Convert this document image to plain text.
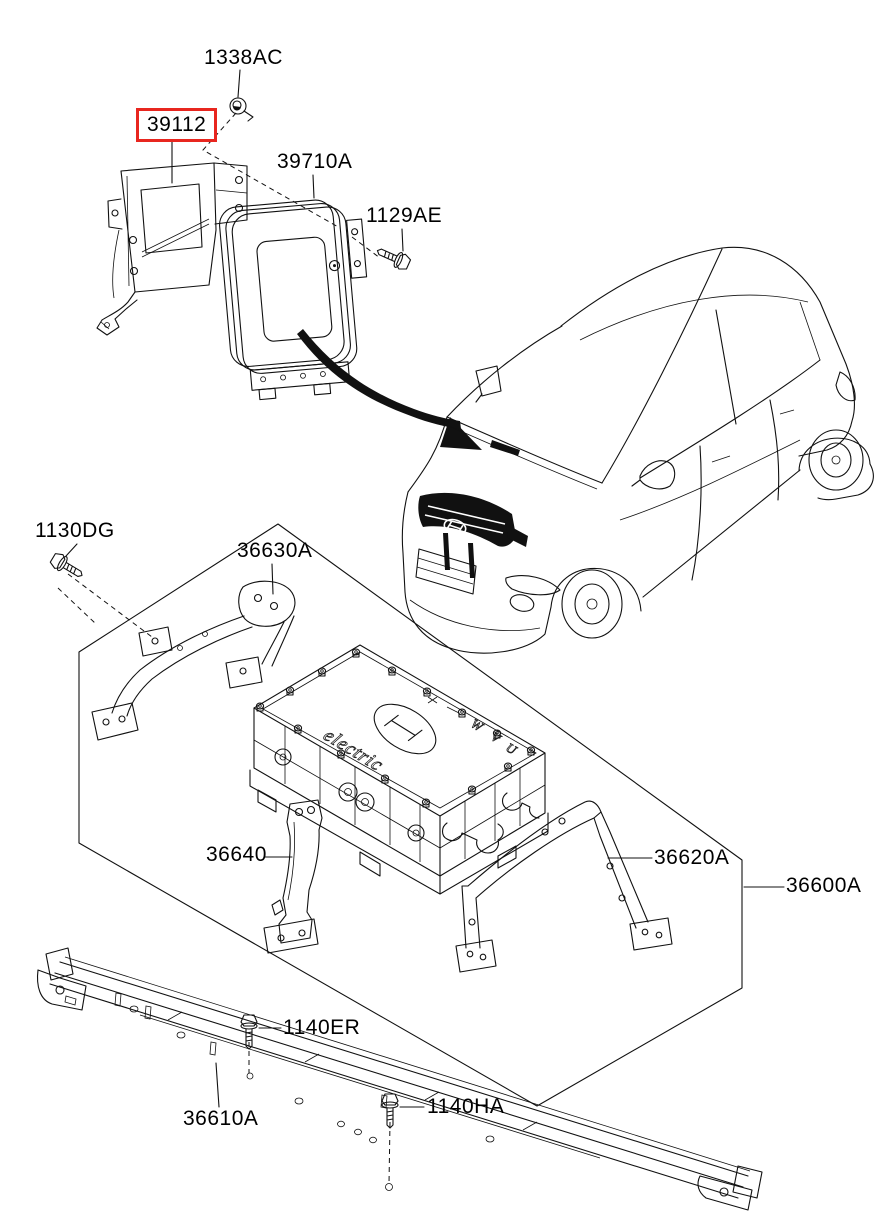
electric
W
V
U
1338AC
39112
39710A
1129AE
1130DG
36630A
36640	36620A
36600A
1140ER
1140HA
36610A
